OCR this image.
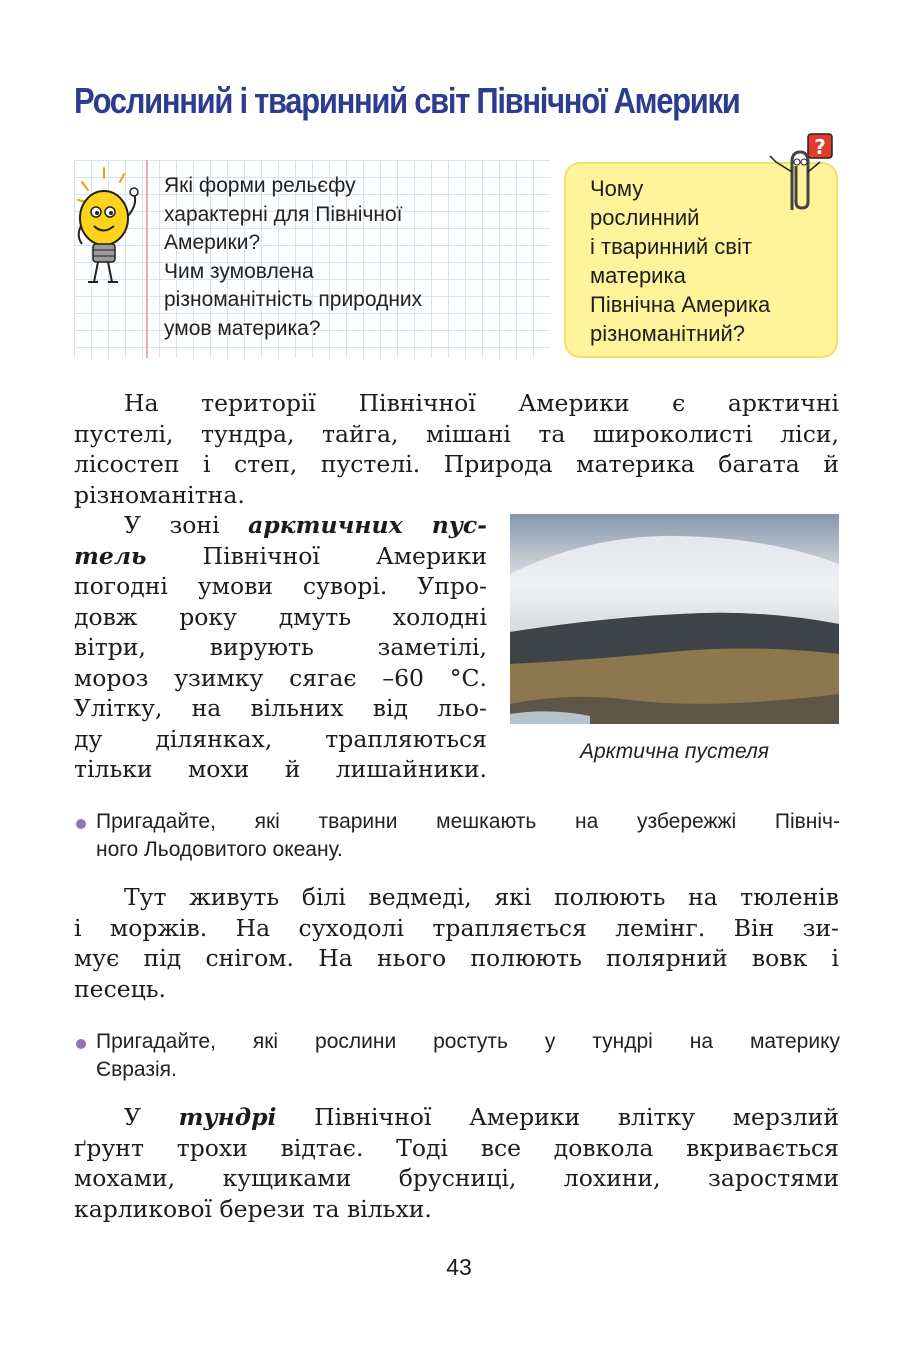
Рослинний і тваринний світ Північної Америки
Які форми рельєфу
характерні для Північної
Америки?
Чим зумовлена
різноманітність природних
умов материка?
Чому
рослинний
і тваринний світ
материка
Північна Америка
різноманітний?
?
На території Північної Америки є арктичні
пустелі, тундра, тайга, мішані та широколисті ліси,
лісостеп і степ, пустелі. Природа материка багата й
різноманітна.
У зоні арктичних пус-
тель Північної Америки
погодні умови суворі. Упро-
довж року дмуть холодні
вітри, вирують заметілі,
мороз узимку сягає –60 °С.
Улітку, на вільних від льо-
ду ділянках, трапляються
тільки мохи й лишайники.
Арктична пустеля
Пригадайте, які тварини мешкають на узбережжі Північ-
ного Льодовитого океану.
Тут живуть білі ведмеді, які полюють на тюленів
і моржів. На суходолі трапляється лемінг. Він зи-
мує під снігом. На нього полюють полярний вовк і
песець.
Пригадайте, які рослини ростуть у тундрі на материку
Євразія.
У тундрі Північної Америки влітку мерзлий
ґрунт трохи відтає. Тоді все довкола вкривається
мохами, кущиками брусниці, лохини, заростями
карликової берези та вільхи.
43
